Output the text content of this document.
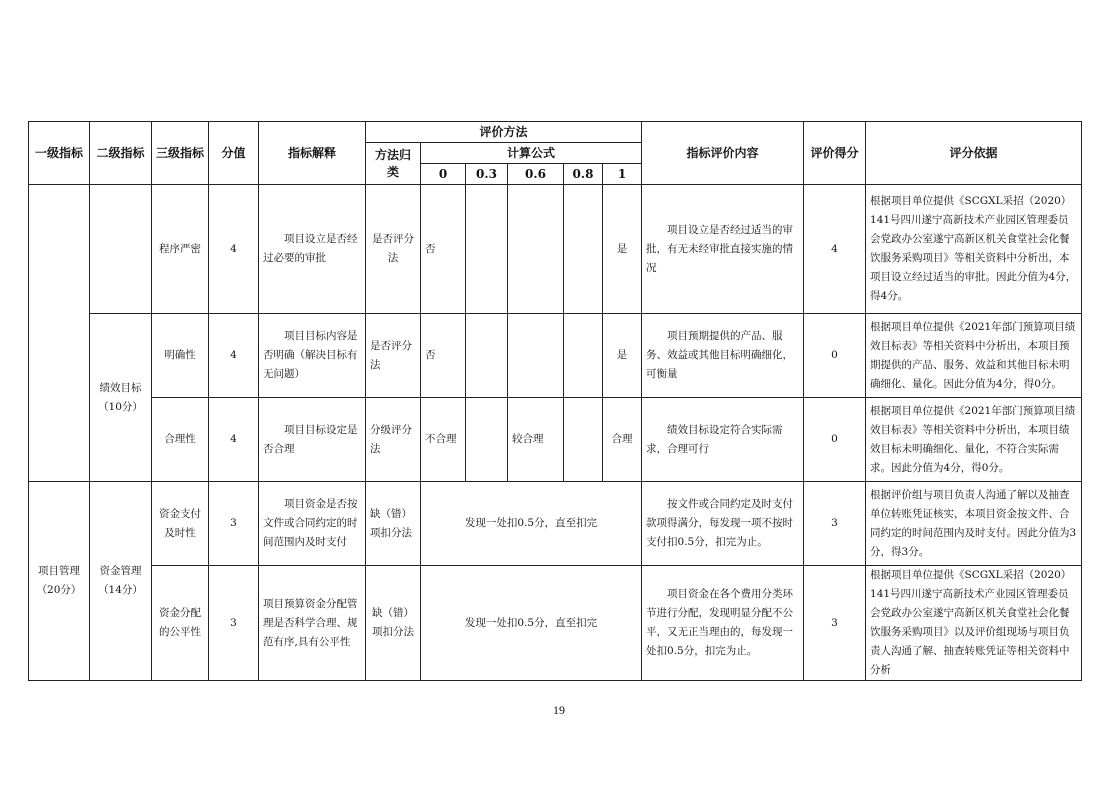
一级指标	二级指标	三级指标	分值	指标解释	评价方法						指标评价内容	评价得分	评分依据
					方法归类	计算公式							
						0	0.3	0.6	0.8	1			
		程序严密	4	项目设立是否经过必要的审批	是否评分法	否				是	项目设立是否经过适当的审批，有无未经审批直接实施的情况	4	根据项目单位提供《SCGXL采招（2020）141号四川遂宁高新技术产业园区管理委员会党政办公室遂宁高新区机关食堂社会化餐饮服务采购项目》等相关资料中分析出，本项目设立经过适当的审批。因此分值为4分，得4分。
	绩效目标（10分）	明确性	4	项目目标内容是否明确（解决目标有无问题）	是否评分法	否				是	项目预期提供的产品、服务、效益或其他目标明确细化，可衡量	0	根据项目单位提供《2021年部门预算项目绩效目标表》等相关资料中分析出，本项目预期提供的产品、服务、效益和其他目标未明确细化、量化。因此分值为4分，得0分。
		合理性	4	项目目标设定是否合理	分级评分法	不合理		较合理		合理	绩效目标设定符合实际需求，合理可行	0	根据项目单位提供《2021年部门预算项目绩效目标表》等相关资料中分析出，本项目绩效目标未明确细化、量化，不符合实际需求。因此分值为4分，得0分。
项目管理（20分）	资金管理（14分）	资金支付及时性	3	项目资金是否按文件或合同约定的时间范围内及时支付	缺（错）项扣分法	发现一处扣0.5分，直至扣完					按文件或合同约定及时支付款项得满分，每发现一项不按时支付扣0.5分，扣完为止。	3	根据评价组与项目负责人沟通了解以及抽查单位转账凭证核实，本项目资金按文件、合同约定的时间范围内及时支付。因此分值为3分，得3分。
		资金分配的公平性	3	项目预算资金分配管理是否科学合理、规范有序,具有公平性	缺（错）项扣分法	发现一处扣0.5分，直至扣完					项目资金在各个费用分类环节进行分配，发现明显分配不公平，又无正当理由的，每发现一处扣0.5分，扣完为止。	3	根据项目单位提供《SCGXL采招（2020）141号四川遂宁高新技术产业园区管理委员会党政办公室遂宁高新区机关食堂社会化餐饮服务采购项目》以及评价组现场与项目负责人沟通了解、抽查转账凭证等相关资料中分析
19
